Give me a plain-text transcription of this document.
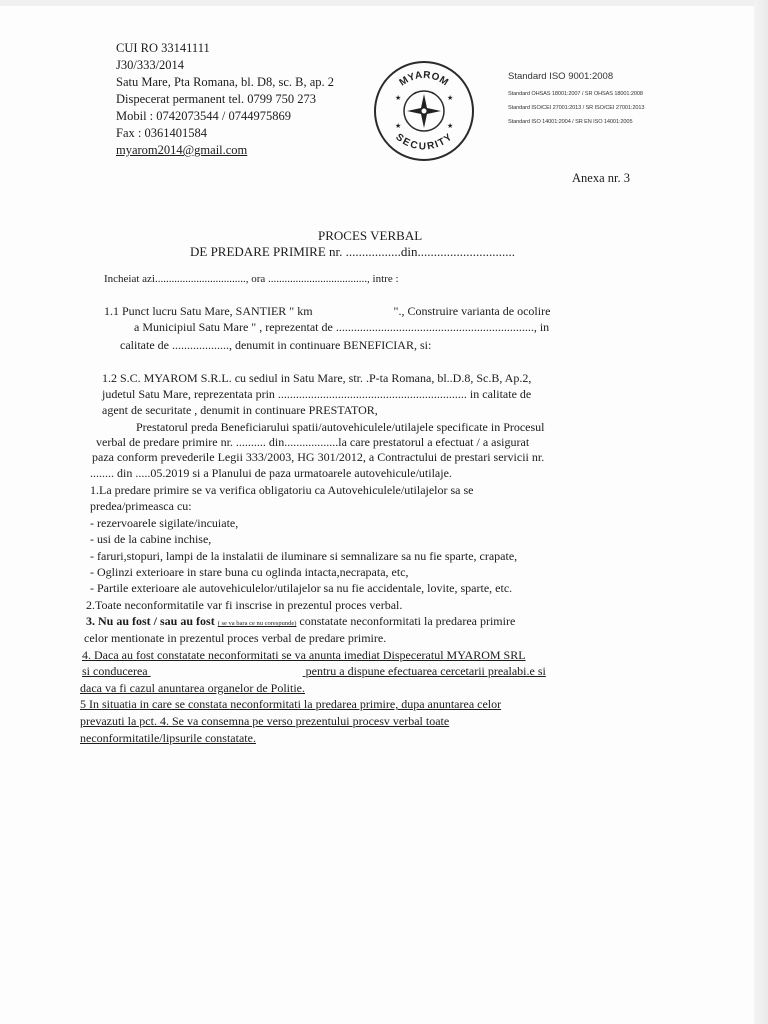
CUI RO 33141111
J30/333/2014
Satu Mare, Pta Romana, bl. D8, sc. B, ap. 2
Dispecerat permanent tel. 0799 750 273
Mobil : 0742073544 / 0744975869
Fax : 0361401584
myarom2014@gmail.com
MYAROM
SECURITY
★	★
★	★
Standard ISO 9001:2008
Standard OHSAS 18001:2007 / SR OHSAS 18001:2008
Standard ISO/CEI 27001:2013 / SR ISO/CEI 27001:2013
Standard ISO 14001:2004 / SR EN ISO 14001:2005
Anexa nr. 3
PROCES VERBAL
DE PREDARE PRIMIRE nr. .................din..............................
Incheiat azi................................., ora ...................................., intre :
1.1 Punct lucru Satu Mare, SANTIER " km	"., Construire varianta de ocolire
a Municipiul Satu Mare " , reprezentat de .................................................................., in
calitate de ..................., denumit in continuare BENEFICIAR, si:
1.2 S.C. MYAROM S.R.L. cu sediul in Satu Mare, str. .P-ta Romana, bl..D.8, Sc.B, Ap.2,
judetul Satu Mare, reprezentata prin ............................................................... in calitate de
agent de securitate , denumit in continuare PRESTATOR,
Prestatorul preda Beneficiarului spatii/autovehiculele/utilajele specificate in Procesul
verbal de predare primire nr. .......... din..................la care prestatorul a efectuat / a asigurat
paza conform prevederile Legii 333/2003, HG 301/2012, a Contractului de prestari servicii nr.
........ din .....05.2019 si a Planului de paza urmatoarele autovehicule/utilaje.
1.La predare primire se va verifica obligatoriu ca Autovehiculele/utilajelor sa se
predea/primeasca cu:
- rezervoarele sigilate/incuiate,
- usi de la cabine inchise,
- faruri,stopuri, lampi de la instalatii de iluminare si semnalizare sa nu fie sparte, crapate,
- Oglinzi exterioare in stare buna cu oglinda intacta,necrapata, etc,
- Partile exterioare ale autovehiculelor/utilajelor sa nu fie accidentale, lovite, sparte, etc.
2.Toate neconformitatile var fi inscrise in prezentul proces verbal.
3. Nu au fost / sau au fost ( se va bara ce nu corespunde) constatate neconformitati la predarea primire
celor mentionate in prezentul proces verbal de predare primire.
4. Daca au fost constatate neconformitati se va anunta imediat Dispeceratul MYAROM SRL
si conducerea	pentru a dispune efectuarea cercetarii prealabi.e si
daca va fi cazul anuntarea organelor de Politie.
5 In situatia in care se constata neconformitati la predarea primire, dupa anuntarea celor
prevazuti la pct. 4. Se va consemna pe verso prezentului procesv verbal toate
neconformitatile/lipsurile constatate.
